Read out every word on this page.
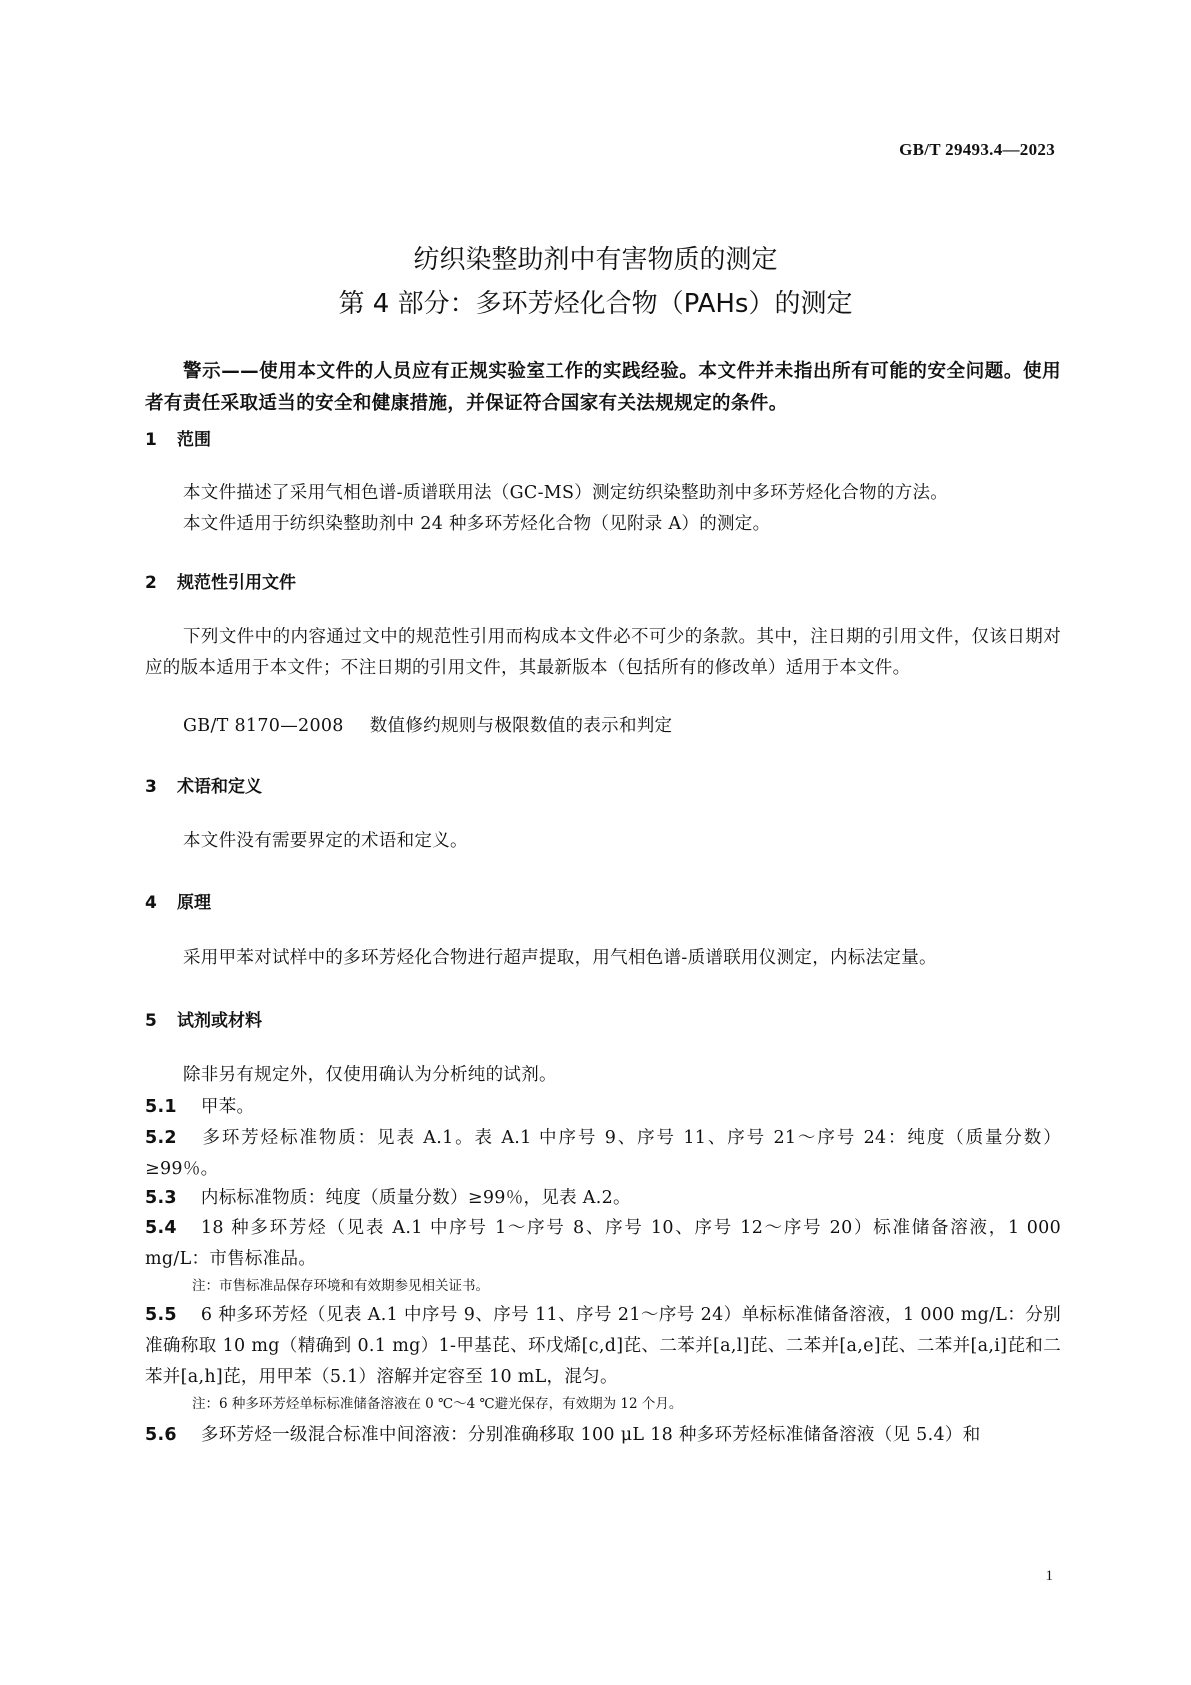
GB/T 29493.4—2023
纺织染整助剂中有害物质的测定
第 4 部分：多环芳烃化合物（PAHs）的测定
警示——使用本文件的人员应有正规实验室工作的实践经验。本文件并未指出所有可能的安全问题。使用者有责任采取适当的安全和健康措施，并保证符合国家有关法规规定的条件。
1 范围
本文件描述了采用气相色谱-质谱联用法（GC-MS）测定纺织染整助剂中多环芳烃化合物的方法。
本文件适用于纺织染整助剂中 24 种多环芳烃化合物（见附录 A）的测定。
2 规范性引用文件
下列文件中的内容通过文中的规范性引用而构成本文件必不可少的条款。其中，注日期的引用文件，仅该日期对应的版本适用于本文件；不注日期的引用文件，其最新版本（包括所有的修改单）适用于本文件。
GB/T 8170—2008 数值修约规则与极限数值的表示和判定
3 术语和定义
本文件没有需要界定的术语和定义。
4 原理
采用甲苯对试样中的多环芳烃化合物进行超声提取，用气相色谱-质谱联用仪测定，内标法定量。
5 试剂或材料
除非另有规定外，仅使用确认为分析纯的试剂。
5.1 甲苯。
5.2 多环芳烃标准物质：见表 A.1。表 A.1 中序号 9、序号 11、序号 21～序号 24：纯度（质量分数）≥99％。
5.3 内标标准物质：纯度（质量分数）≥99％，见表 A.2。
5.4 18 种多环芳烃（见表 A.1 中序号 1～序号 8、序号 10、序号 12～序号 20）标准储备溶液，1 000 mg/L：市售标准品。
注：市售标准品保存环境和有效期参见相关证书。
5.5 6 种多环芳烃（见表 A.1 中序号 9、序号 11、序号 21～序号 24）单标标准储备溶液，1 000 mg/L：分别准确称取 10 mg（精确到 0.1 mg）1-甲基芘、环戊烯[c,d]芘、二苯并[a,l]芘、二苯并[a,e]芘、二苯并[a,i]芘和二苯并[a,h]芘，用甲苯（5.1）溶解并定容至 10 mL，混匀。
注：6 种多环芳烃单标标准储备溶液在 0 ℃～4 ℃避光保存，有效期为 12 个月。
5.6 多环芳烃一级混合标准中间溶液：分别准确移取 100 μL 18 种多环芳烃标准储备溶液（见 5.4）和
1
